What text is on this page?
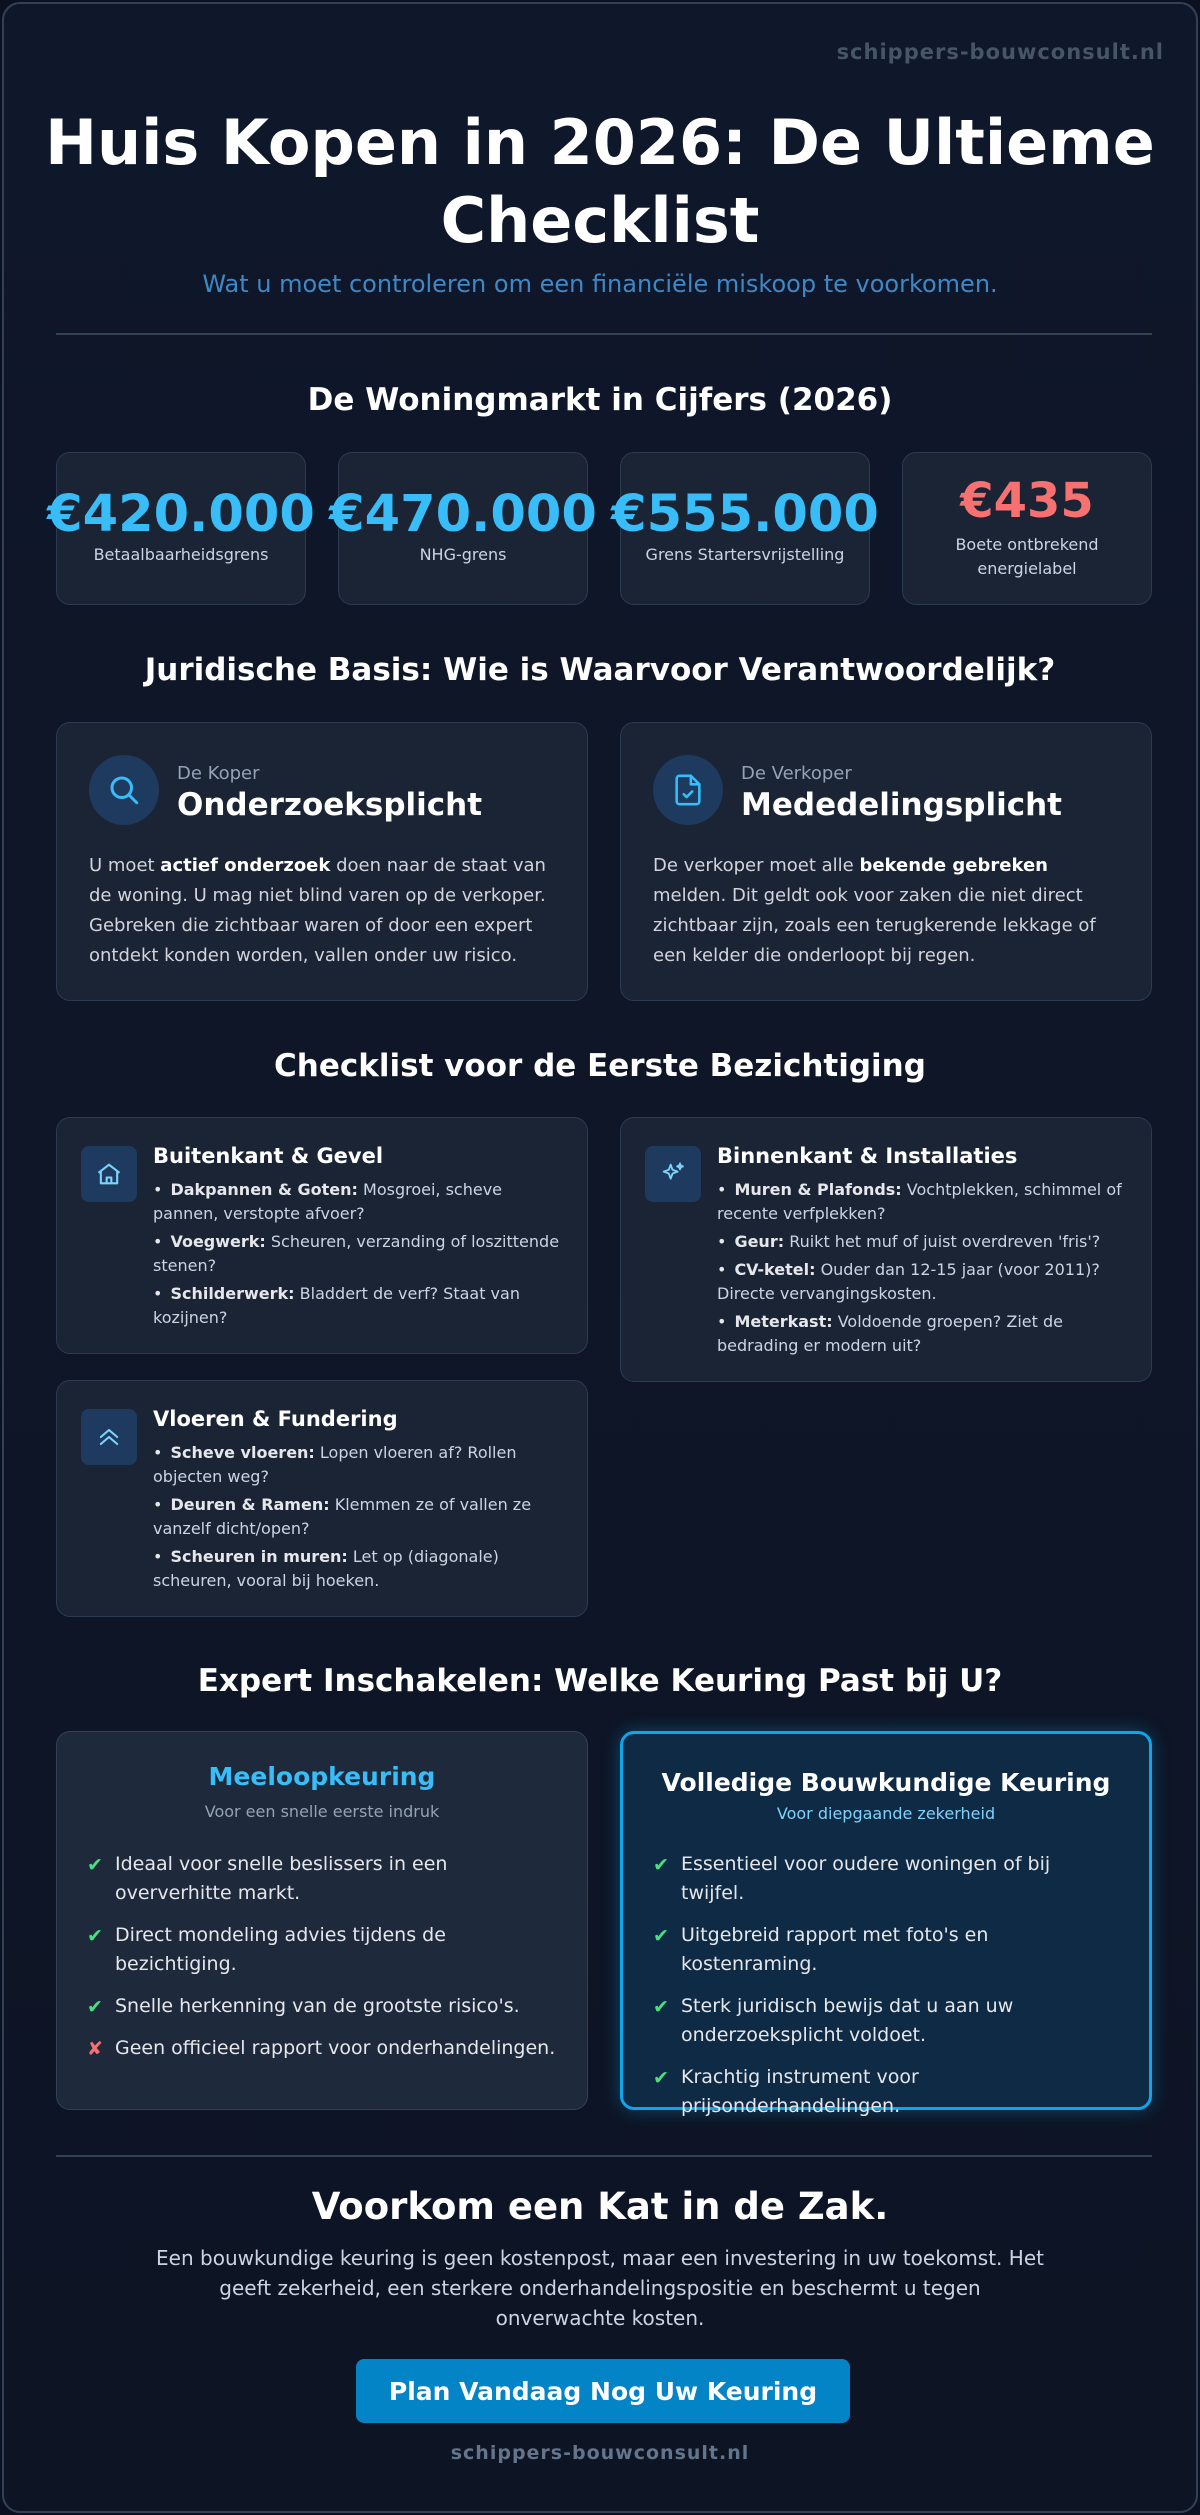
schippers-bouwconsult.nl
Huis Kopen in 2026: De Ultieme
Checklist
Wat u moet controleren om een financiële miskoop te voorkomen.
De Woningmarkt in Cijfers (2026)
€420.000
Betaalbaarheidsgrens
€470.000
NHG-grens
€555.000
Grens Startersvrijstelling
€435
Boete ontbrekend energielabel
Juridische Basis: Wie is Waarvoor Verantwoordelijk?
De Koper
Onderzoeksplicht

U moet actief onderzoek doen naar de staat van de woning. U mag niet blind varen op de verkoper. Gebreken die zichtbaar waren of door een expert ontdekt konden worden, vallen onder uw risico.

De Verkoper
Mededelingsplicht

De verkoper moet alle bekende gebreken melden. Dit geldt ook voor zaken die niet direct zichtbaar zijn, zoals een terugkerende lekkage of een kelder die onderloopt bij regen.

Checklist voor de Eerste Bezichtiging
Buitenkant & Gevel
• Dakpannen & Goten: Mosgroei, scheve pannen, verstopte afvoer?
• Voegwerk: Scheuren, verzanding of loszittende stenen?
• Schilderwerk: Bladdert de verf? Staat van kozijnen?
Binnenkant & Installaties
• Muren & Plafonds: Vochtplekken, schimmel of recente verfplekken?
• Geur: Ruikt het muf of juist overdreven 'fris'?
• CV-ketel: Ouder dan 12-15 jaar (voor 2011)? Directe vervangingskosten.
• Meterkast: Voldoende groepen? Ziet de bedrading er modern uit?
Vloeren & Fundering
• Scheve vloeren: Lopen vloeren af? Rollen objecten weg?
• Deuren & Ramen: Klemmen ze of vallen ze vanzelf dicht/open?
• Scheuren in muren: Let op (diagonale) scheuren, vooral bij hoeken.
Expert Inschakelen: Welke Keuring Past bij U?
Meeloopkeuring
Voor een snelle eerste indruk
✔ Ideaal voor snelle beslissers in een oververhitte markt.
✔ Direct mondeling advies tijdens de bezichtiging.
✔ Snelle herkenning van de grootste risico's.
✘ Geen officieel rapport voor onderhandelingen.
Volledige Bouwkundige Keuring
Voor diepgaande zekerheid
✔ Essentieel voor oudere woningen of bij twijfel.
✔ Uitgebreid rapport met foto's en kostenraming.
✔ Sterk juridisch bewijs dat u aan uw onderzoeksplicht voldoet.
✔ Krachtig instrument voor prijsonderhandelingen.
Voorkom een Kat in de Zak.

Een bouwkundige keuring is geen kostenpost, maar een investering in uw toekomst. Het geeft zekerheid, een sterkere onderhandelingspositie en beschermt u tegen onverwachte kosten.

Plan Vandaag Nog Uw Keuring
schippers-bouwconsult.nl
